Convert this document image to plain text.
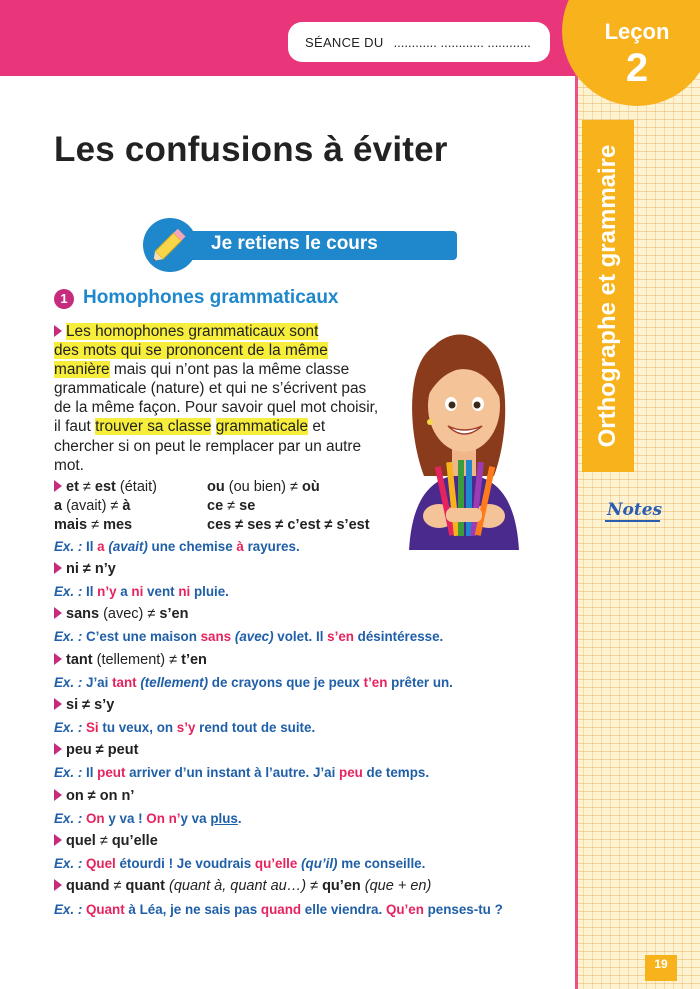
SÉANCE DU ............ ............ ............	Leçon
2
Orthographe et grammaire
Notes
19
Les confusions à éviter
Je retiens le cours
1 Homophones grammaticaux
Les homophones grammaticaux sont
des mots qui se prononcent de la même
manière mais qui n’ont pas la même classe grammaticale (nature) et qui ne s’écrivent pas de la même façon. Pour savoir quel mot choisir, il faut trouver sa classe grammaticale et chercher si on peut le remplacer par un autre mot.
et ≠ est (était)	ou (ou bien) ≠ où
a (avait) ≠ à	ce ≠ se
mais ≠ mes	ces ≠ ses ≠ c’est ≠ s’est
Ex. : Il a (avait) une chemise à rayures.
ni ≠ n’y
Ex. : Il n’y a ni vent ni pluie.
sans (avec) ≠ s’en
Ex. : C’est une maison sans (avec) volet. Il s’en désintéresse.
tant (tellement) ≠ t’en
Ex. : J’ai tant (tellement) de crayons que je peux t’en prêter un.
si ≠ s’y
Ex. : Si tu veux, on s’y rend tout de suite.
peu ≠ peut
Ex. : Il peut arriver d’un instant à l’autre. J’ai peu de temps.
on ≠ on n’
Ex. : On y va ! On n’y va plus.
quel ≠ qu’elle
Ex. : Quel étourdi ! Je voudrais qu’elle (qu’il) me conseille.
quand ≠ quant (quant à, quant au…) ≠ qu’en (que + en)
Ex. : Quant à Léa, je ne sais pas quand elle viendra. Qu’en penses-tu ?
